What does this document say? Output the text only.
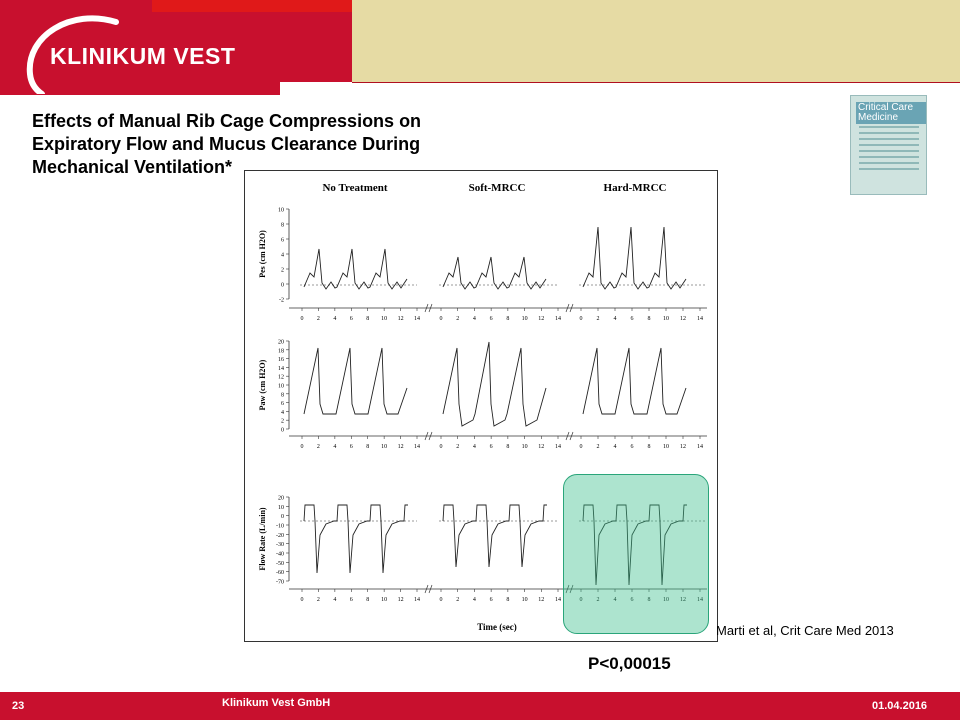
KLINIKUM VEST
Effects of Manual Rib Cage Compressions on Expiratory Flow and Mucus Clearance During Mechanical Ventilation*
Critical Care Medicine
No Treatment	Soft-MRCC	Hard-MRCC
-2
0
2
4
6
8
10
Pes (cm H2O)
0 2 4 6 8 10 12 14	0 2 4 6 8 10 12 14	0 2 4 6 8 10 12 14
0
2
4
6
8
10
12
14
16
18
20
Paw (cm H2O)
0 2 4 6 8 10 12 14	0 2 4 6 8 10 12 14	0 2 4 6 8 10 12 14
-70
-60
-50
-40
-30
-20
-10
0
10
20
Flow Rate (L/min)
0 2 4 6 8 10 12 14	0 2 4 6 8 10 12 14	0 2 4 6 8 10 12 14
Time (sec)	Marti et al, Crit Care Med 2013
P<0,00015
23	Klinikum Vest GmbH	01.04.2016
